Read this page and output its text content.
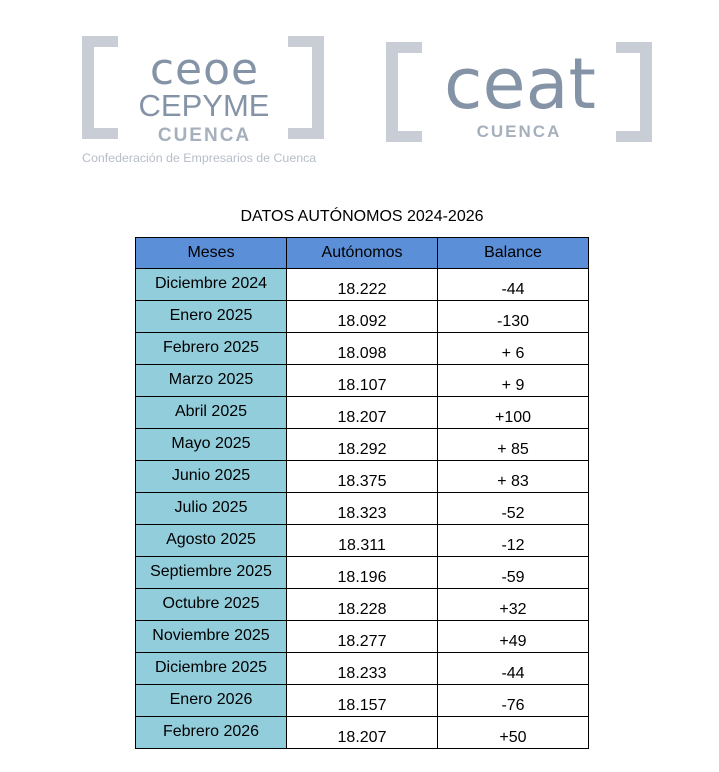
ceoe
CEPYME
CUENCA
Confederación de Empresarios de Cuenca
ceat
CUENCA
DATOS AUTÓNOMOS 2024-2026
Meses	Autónomos	Balance
Diciembre 2024	18.222	-44
Enero 2025	18.092	-130
Febrero 2025	18.098	+ 6
Marzo 2025	18.107	+ 9
Abril 2025	18.207	+100
Mayo 2025	18.292	+ 85
Junio 2025	18.375	+ 83
Julio 2025	18.323	-52
Agosto 2025	18.311	-12
Septiembre 2025	18.196	-59
Octubre 2025	18.228	+32
Noviembre 2025	18.277	+49
Diciembre 2025	18.233	-44
Enero 2026	18.157	-76
Febrero 2026	18.207	+50
